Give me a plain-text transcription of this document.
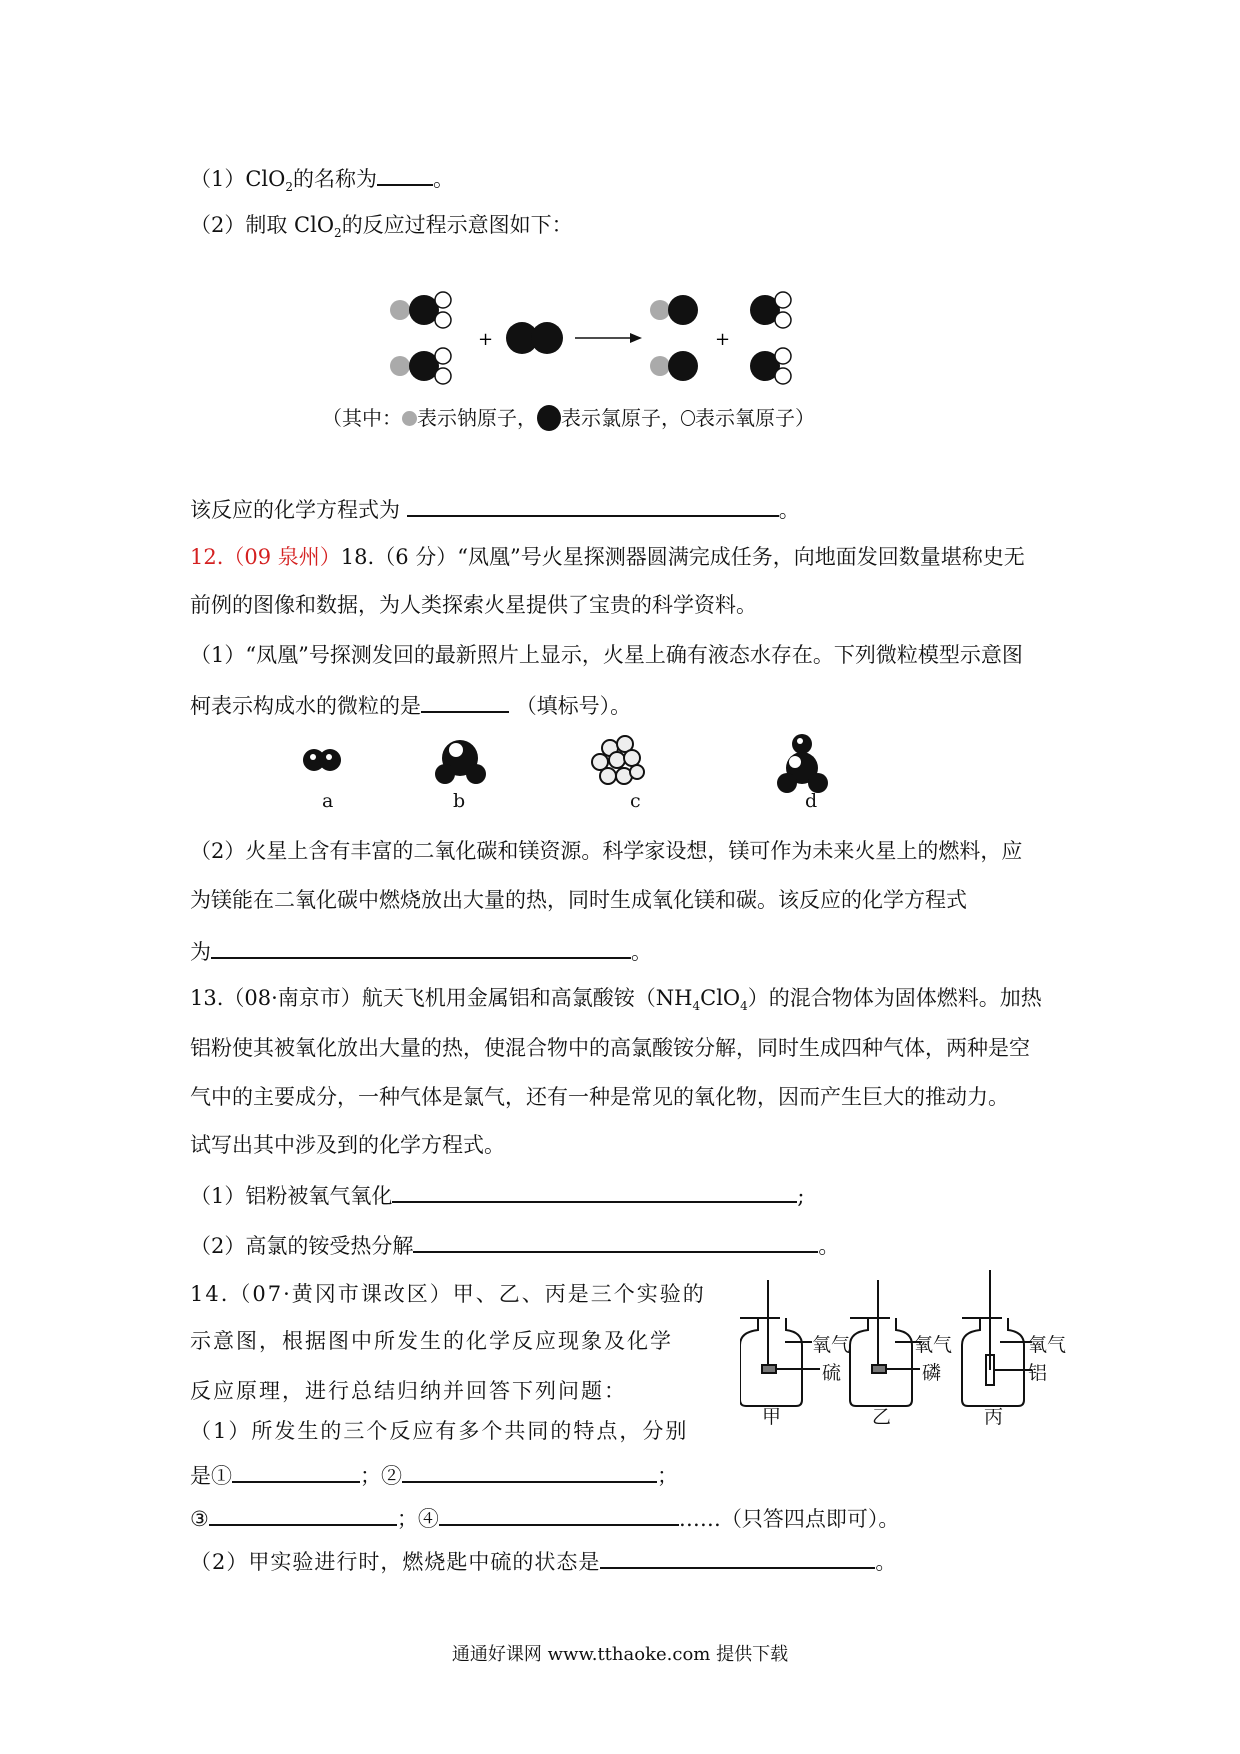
（1）ClO$_2$的名称为	。
（2）制取 ClO$_2$的反应过程示意图如下：
+	+
（其中： 表示钠原子， 表示氯原子， 表示氧原子）
该反应的化学方程式为	。
12.（09 泉州）18.（6 分）“凤凰”号火星探测器圆满完成任务，向地面发回数量堪称史无
前例的图像和数据，为人类探索火星提供了宝贵的科学资料。
（1）“凤凰”号探测发回的最新照片上显示，火星上确有液态水存在。下列微粒模型示意图
柯表示构成水的微粒的是	（填标号）。
a	b	c	d
（2）火星上含有丰富的二氧化碳和镁资源。科学家设想，镁可作为未来火星上的燃料，应
为镁能在二氧化碳中燃烧放出大量的热，同时生成氧化镁和碳。该反应的化学方程式
为	。
13.（08·南京市）航天飞机用金属铝和高氯酸铵$(NH_4ClO_4)$的混合物体为固体燃料。加热
铝粉使其被氧化放出大量的热，使混合物中的高氯酸铵分解，同时生成四种气体，两种是空
气中的主要成分，一种气体是氯气，还有一种是常见的氧化物，因而产生巨大的推动力。
试写出其中涉及到的化学方程式。
（1）铝粉被氧气氧化	;
（2）高氯的铵受热分解	。
14.（07·黄冈市课改区）甲、乙、丙是三个实验的
示意图，根据图中所发生的化学反应现象及化学
反应原理，进行总结归纳并回答下列问题：
（1）所发生的三个反应有多个共同的特点，分别
是①	；②	；
③	；④	……（只答四点即可）。
（2）甲实验进行时，燃烧匙中硫的状态是	。
氧气
硫
甲
氧气
磷
乙
氧气
铝
丙
通通好课网 www.tthaoke.com 提供下载
